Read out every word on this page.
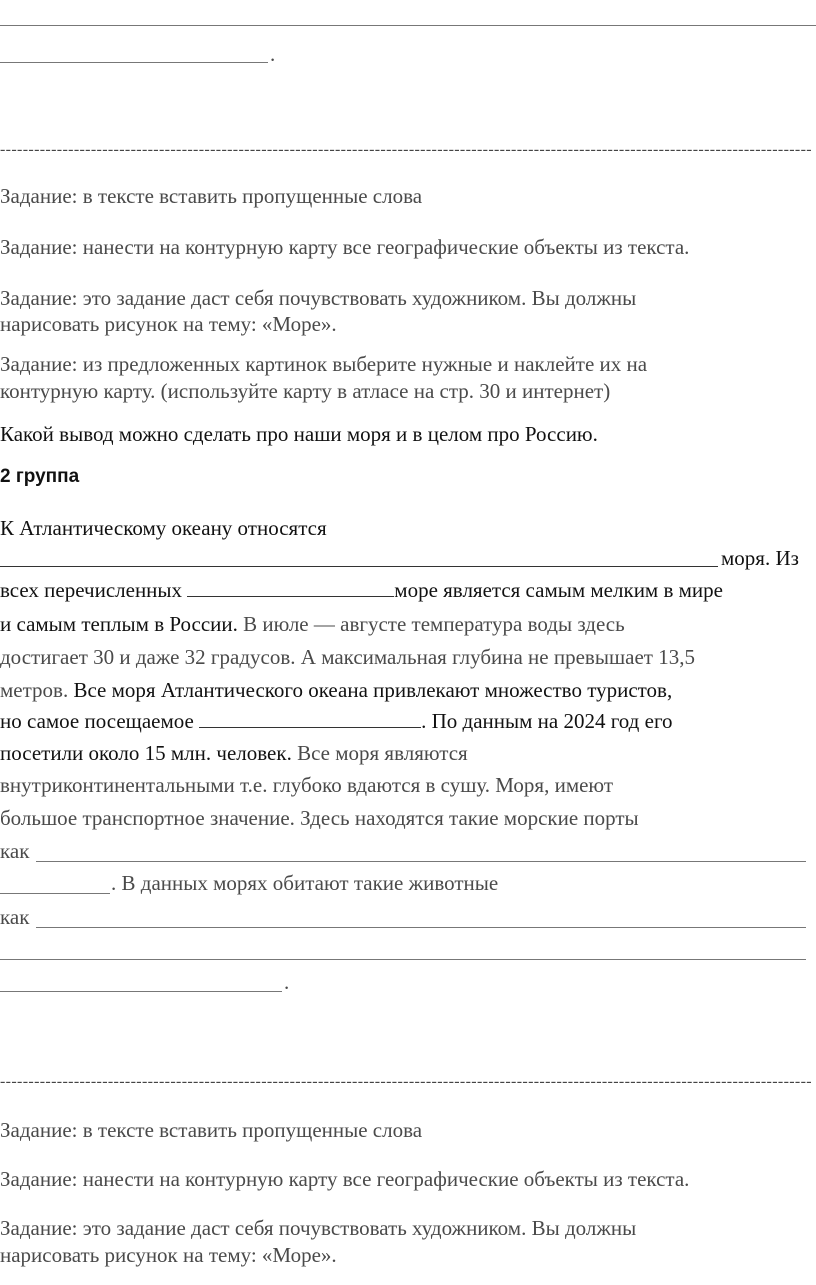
.
-----------------------------------------------------------------------------------------------------------------------------------------------
Задание: в тексте вставить пропущенные слова
Задание: нанести на контурную карту все географические объекты из текста.
Задание: это задание даст себя почувствовать художником. Вы должны
нарисовать рисунок на тему: «Море».
Задание: из предложенных картинок выберите нужные и наклейте их на
контурную карту. (используйте карту в атласе на стр. 30 и интернет)
Какой вывод можно сделать про наши моря и в целом про Россию.
2 группа
К Атлантическому океану относятся
моря. Из
всех перечисленных	море является самым мелким в мире
и самым теплым в России. В июле — августе температура воды здесь
достигает 30 и даже 32 градусов. А максимальная глубина не превышает 13,5
метров. Все моря Атлантического океана привлекают множество туристов,
но самое посещаемое	. По данным на 2024 год его
посетили около 15 млн. человек. Все моря являются
внутриконтинентальными т.е. глубоко вдаются в сушу. Моря, имеют
большое транспортное значение. Здесь находятся такие морские порты
как
. В данных морях обитают такие животные
как
.
-----------------------------------------------------------------------------------------------------------------------------------------------
Задание: в тексте вставить пропущенные слова
Задание: нанести на контурную карту все географические объекты из текста.
Задание: это задание даст себя почувствовать художником. Вы должны
нарисовать рисунок на тему: «Море».
